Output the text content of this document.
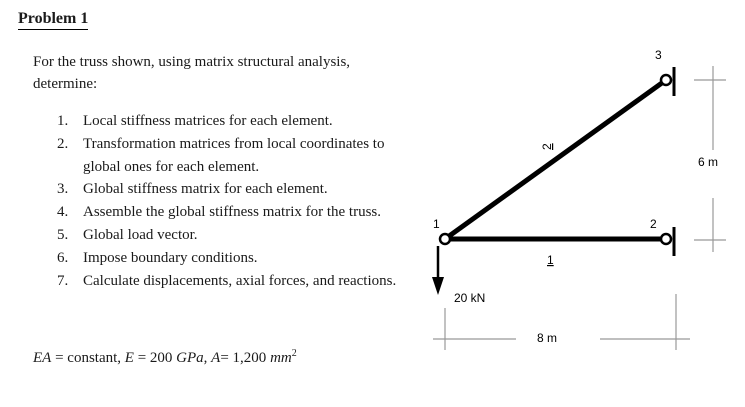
Problem 1
For the truss shown, using matrix structural analysis, determine:
1. Local stiffness matrices for each element.
2. Transformation matrices from local coordinates to global ones for each element.
3. Global stiffness matrix for each element.
4. Assemble the global stiffness matrix for the truss.
5. Global load vector.
6. Impose boundary conditions.
7. Calculate displacements, axial forces, and reactions.
EA = constant, E = 200 GPa, A= 1,200 $mm^2$
1	2
3
1
2
20 kN
8 m
6 m
